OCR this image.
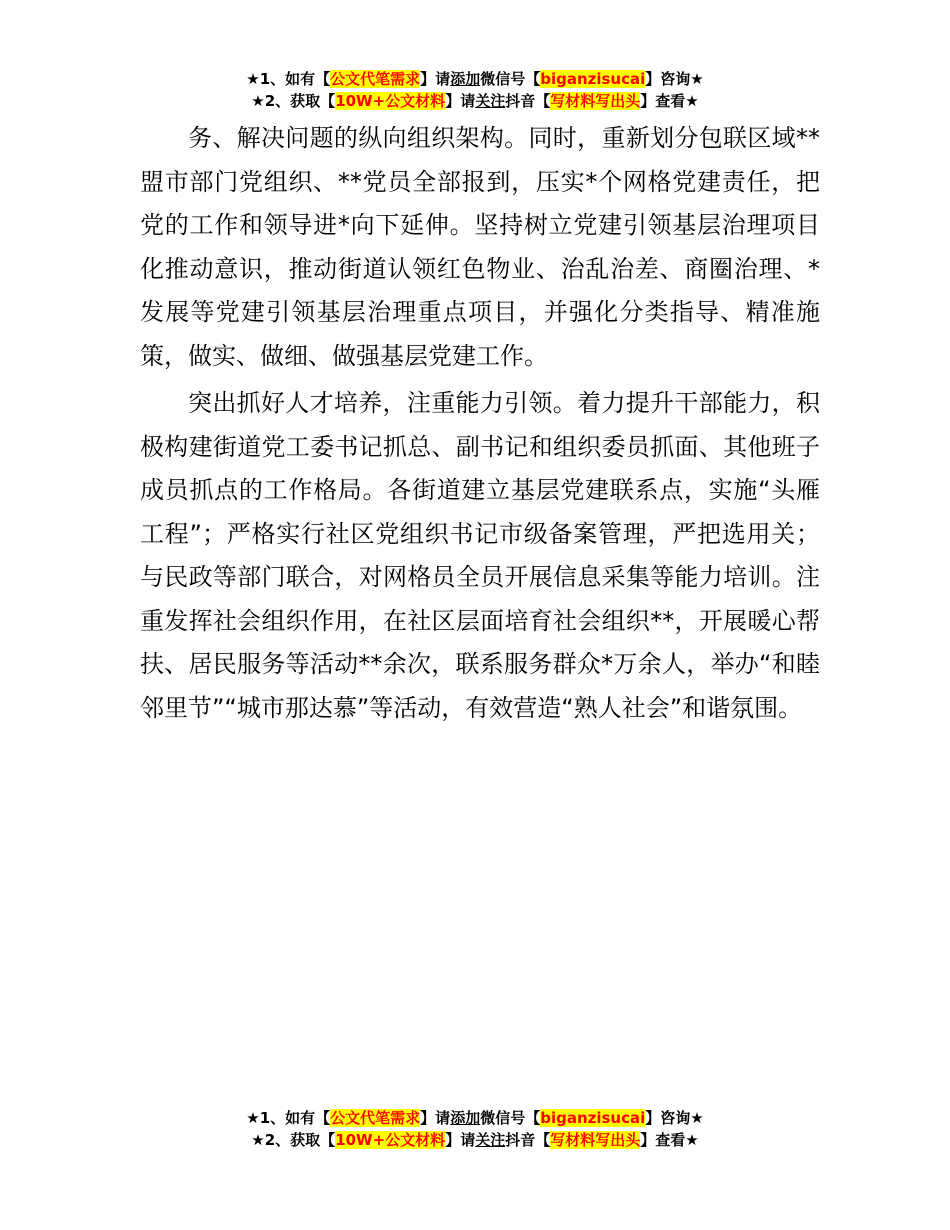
★1、如有【公文代笔需求】请添加微信号【biganzisucai】咨询★
★2、获取【10W+公文材料】请关注抖音【写材料写出头】查看★

务、解决问题的纵向组织架构。同时，重新划分包联区域**盟市部门党组织、**党员全部报到，压实*个网格党建责任，把党的工作和领导进*向下延伸。坚持树立党建引领基层治理项目化推动意识，推动街道认领红色物业、治乱治差、商圈治理、*发展等党建引领基层治理重点项目，并强化分类指导、精准施策，做实、做细、做强基层党建工作。

突出抓好人才培养，注重能力引领。着力提升干部能力，积极构建街道党工委书记抓总、副书记和组织委员抓面、其他班子成员抓点的工作格局。各街道建立基层党建联系点，实施“头雁工程”；严格实行社区党组织书记市级备案管理，严把选用关；与民政等部门联合，对网格员全员开展信息采集等能力培训。注重发挥社会组织作用，在社区层面培育社会组织**，开展暖心帮扶、居民服务等活动**余次，联系服务群众*万余人，举办“和睦邻里节”“城市那达慕”等活动，有效营造“熟人社会”和谐氛围。

★1、如有【公文代笔需求】请添加微信号【biganzisucai】咨询★
★2、获取【10W+公文材料】请关注抖音【写材料写出头】查看★
